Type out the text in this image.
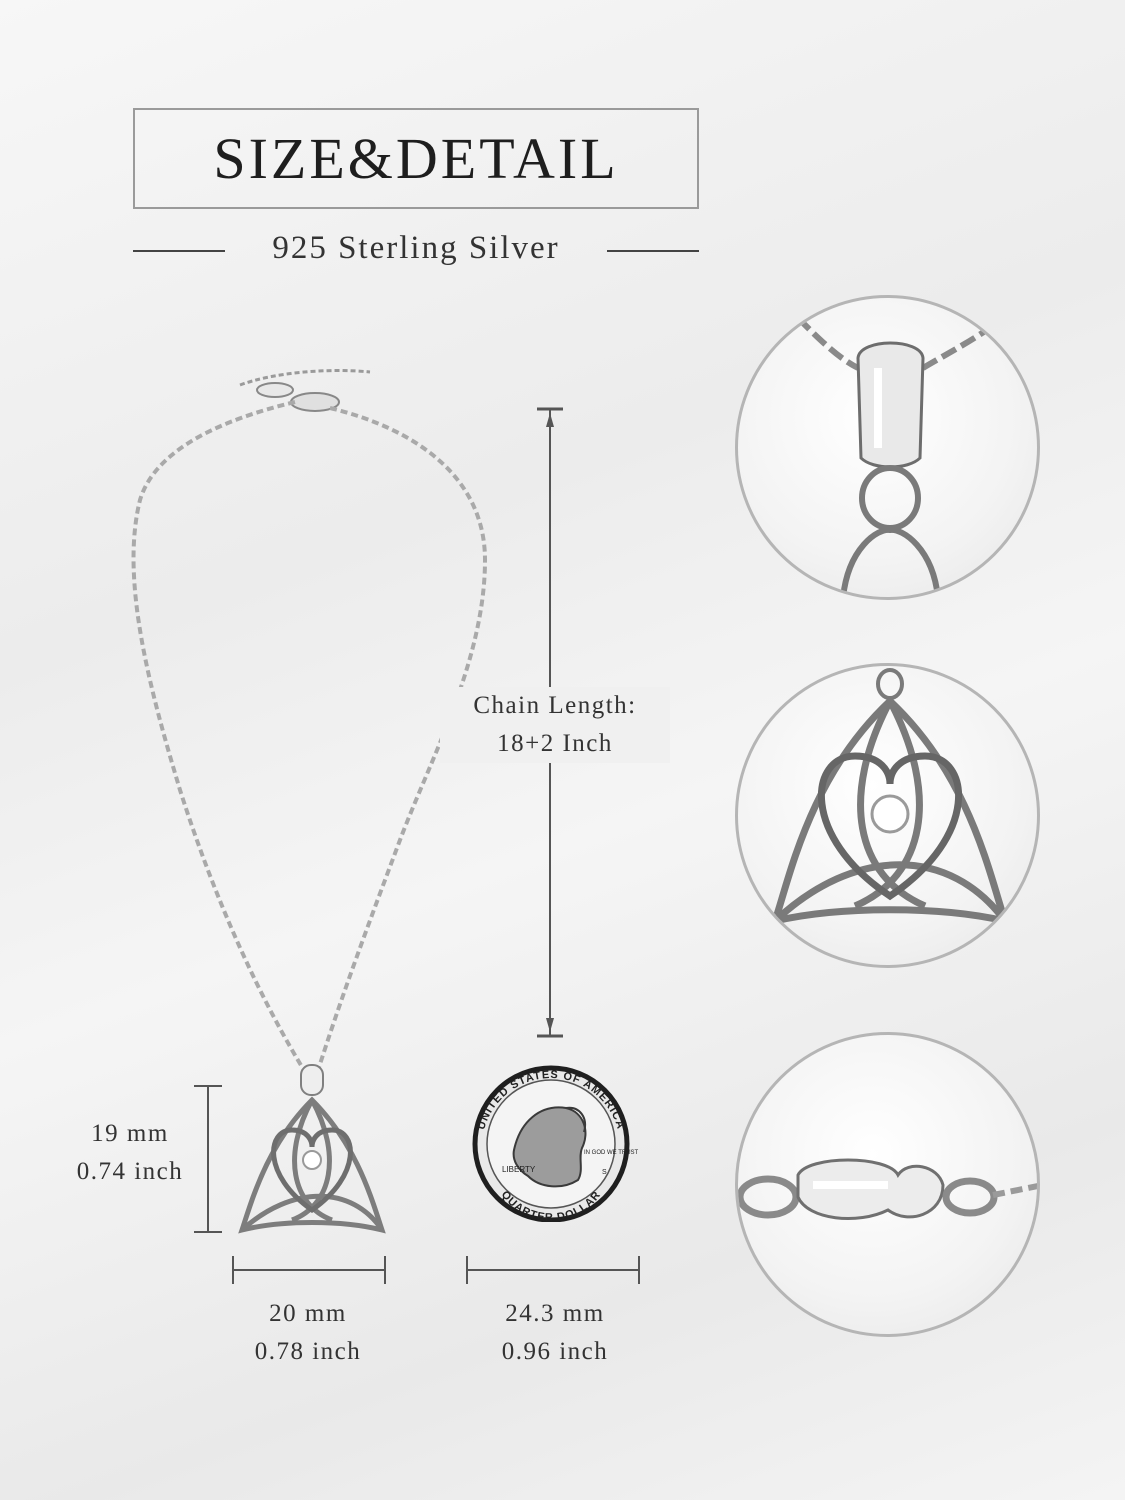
SIZE&DETAIL
925 Sterling Silver
Chain Length:
18+2 Inch
19 mm
0.74 inch
20 mm
0.78 inch
UNITED STATES OF AMERICA
QUARTER DOLLAR
LIBERTY
IN GOD WE TRUST
S
24.3 mm
0.96 inch
